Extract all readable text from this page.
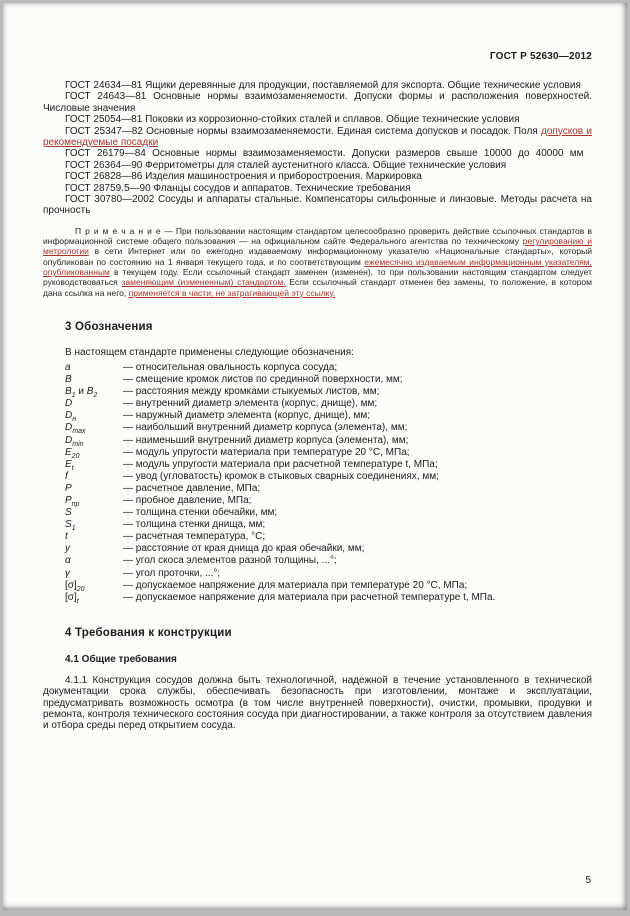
ГОСТ Р 52630—2012

ГОСТ 24634—81 Ящики деревянные для продукции, поставляемой для экспорта. Общие технические условия

ГОСТ 24643—81 Основные нормы взаимозаменяемости. Допуски формы и расположения поверхностей. Числовые значения

ГОСТ 25054—81 Поковки из коррозионно-стойких сталей и сплавов. Общие технические условия

ГОСТ 25347—82 Основные нормы взаимозаменяемости. Единая система допусков и посадок. Поля допусков и рекомендуемые посадки

ГОСТ 26179—84 Основные нормы взаимозаменяемости. Допуски размеров свыше 10000 до 40000 мм

ГОСТ 26364—90 Ферритометры для сталей аустенитного класса. Общие технические условия

ГОСТ 26828—86 Изделия машиностроения и приборостроения. Маркировка

ГОСТ 28759.5—90 Фланцы сосудов и аппаратов. Технические требования

ГОСТ 30780—2002 Сосуды и аппараты стальные. Компенсаторы сильфонные и линзовые. Методы расчета на прочность

П р и м е ч а н и е — При пользовании настоящим стандартом целесообразно проверить действие ссылочных стандартов в информационной системе общего пользования — на официальном сайте Федерального агентства по техническому регулированию и метрологии в сети Интернет или по ежегодно издаваемому информационному указателю «Национальные стандарты», который опубликован по состоянию на 1 января текущего года, и по соответствующим ежемесячно издаваемым информационным указателям, опубликованным в текущем году. Если ссылочный стандарт заменен (изменен), то при пользовании настоящим стандартом следует руководствоваться заменяющим (измененным) стандартом. Если ссылочный стандарт отменен без замены, то положение, в котором дана ссылка на него, применяется в части, не затрагивающей эту ссылку.

3 Обозначения

В настоящем стандарте применены следующие обозначения:

a	— относительная овальность корпуса сосуда;
B	— смещение кромок листов по срединной поверхности, мм;
$B_1$ и $B_2$	— расстояния между кромками стыкуемых листов, мм;
D	— внутренний диаметр элемента (корпус, днище), мм;
$D_н$	— наружный диаметр элемента (корпус, днище), мм;
$D_{max}$	— наибольший внутренний диаметр корпуса (элемента), мм;
$D_{min}$	— наименьший внутренний диаметр корпуса (элемента), мм;
$E_{20}$	— модуль упругости материала при температуре 20 °С, МПа;
$E_t$	— модуль упругости материала при расчетной температуре t, МПа;
f	— увод (угловатость) кромок в стыковых сварных соединениях, мм;
P	— расчетное давление, МПа;
$P_{пр}$	— пробное давление, МПа;
S	— толщина стенки обечайки, мм;
$S_1$	— толщина стенки днища, мм;
t	— расчетная температура, °С;
y	— расстояние от края днища до края обечайки, мм;
α	— угол скоса элементов разной толщины, ...°;
γ	— угол проточки, ...°;
$[\sigma]_{20}$	— допускаемое напряжение для материала при температуре 20 °С, МПа;
$[\sigma]_t$	— допускаемое напряжение для материала при расчетной температуре t, МПа.
4 Требования к конструкции
4.1 Общие требования

4.1.1 Конструкция сосудов должна быть технологичной, надежной в течение установленного в технической документации срока службы, обеспечивать безопасность при изготовлении, монтаже и эксплуатации, предусматривать возможность осмотра (в том числе внутренней поверхности), очистки, промывки, продувки и ремонта, контроля технического состояния сосуда при диагностировании, а также контроля за отсутствием давления и отбора среды перед открытием сосуда.

5
